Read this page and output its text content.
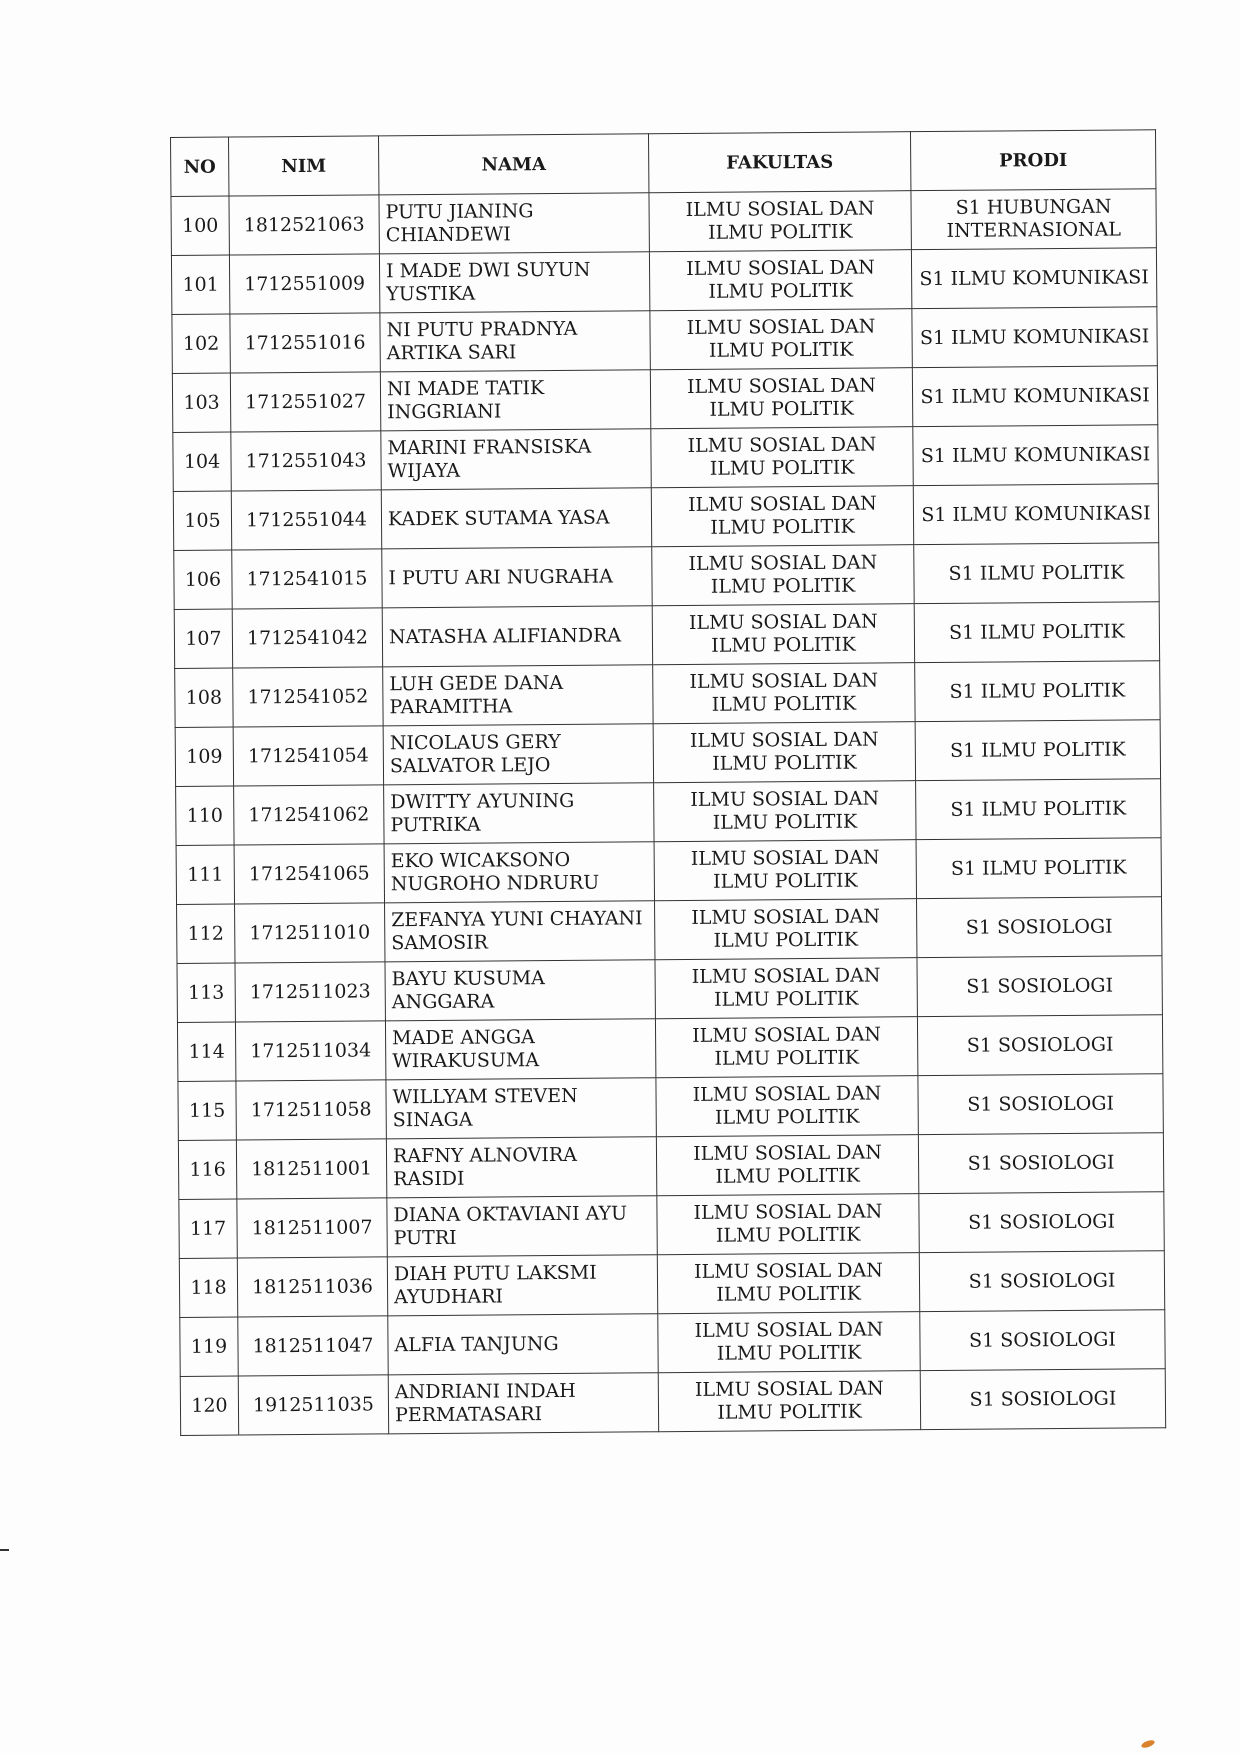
NO	NIM	NAMA	FAKULTAS	PRODI
100	1812521063	PUTU JIANING CHIANDEWI	ILMU SOSIAL DAN ILMU POLITIK	S1 HUBUNGAN INTERNASIONAL
101	1712551009	I MADE DWI SUYUN YUSTIKA	ILMU SOSIAL DAN ILMU POLITIK	S1 ILMU KOMUNIKASI
102	1712551016	NI PUTU PRADNYA ARTIKA SARI	ILMU SOSIAL DAN ILMU POLITIK	S1 ILMU KOMUNIKASI
103	1712551027	NI MADE TATIK INGGRIANI	ILMU SOSIAL DAN ILMU POLITIK	S1 ILMU KOMUNIKASI
104	1712551043	MARINI FRANSISKA WIJAYA	ILMU SOSIAL DAN ILMU POLITIK	S1 ILMU KOMUNIKASI
105	1712551044	KADEK SUTAMA YASA	ILMU SOSIAL DAN ILMU POLITIK	S1 ILMU KOMUNIKASI
106	1712541015	I PUTU ARI NUGRAHA	ILMU SOSIAL DAN ILMU POLITIK	S1 ILMU POLITIK
107	1712541042	NATASHA ALIFIANDRA	ILMU SOSIAL DAN ILMU POLITIK	S1 ILMU POLITIK
108	1712541052	LUH GEDE DANA PARAMITHA	ILMU SOSIAL DAN ILMU POLITIK	S1 ILMU POLITIK
109	1712541054	NICOLAUS GERY SALVATOR LEJO	ILMU SOSIAL DAN ILMU POLITIK	S1 ILMU POLITIK
110	1712541062	DWITTY AYUNING PUTRIKA	ILMU SOSIAL DAN ILMU POLITIK	S1 ILMU POLITIK
111	1712541065	EKO WICAKSONO NUGROHO NDRURU	ILMU SOSIAL DAN ILMU POLITIK	S1 ILMU POLITIK
112	1712511010	ZEFANYA YUNI CHAYANI SAMOSIR	ILMU SOSIAL DAN ILMU POLITIK	S1 SOSIOLOGI
113	1712511023	BAYU KUSUMA ANGGARA	ILMU SOSIAL DAN ILMU POLITIK	S1 SOSIOLOGI
114	1712511034	MADE ANGGA WIRAKUSUMA	ILMU SOSIAL DAN ILMU POLITIK	S1 SOSIOLOGI
115	1712511058	WILLYAM STEVEN SINAGA	ILMU SOSIAL DAN ILMU POLITIK	S1 SOSIOLOGI
116	1812511001	RAFNY ALNOVIRA RASIDI	ILMU SOSIAL DAN ILMU POLITIK	S1 SOSIOLOGI
117	1812511007	DIANA OKTAVIANI AYU PUTRI	ILMU SOSIAL DAN ILMU POLITIK	S1 SOSIOLOGI
118	1812511036	DIAH PUTU LAKSMI AYUDHARI	ILMU SOSIAL DAN ILMU POLITIK	S1 SOSIOLOGI
119	1812511047	ALFIA TANJUNG	ILMU SOSIAL DAN ILMU POLITIK	S1 SOSIOLOGI
120	1912511035	ANDRIANI INDAH PERMATASARI	ILMU SOSIAL DAN ILMU POLITIK	S1 SOSIOLOGI
